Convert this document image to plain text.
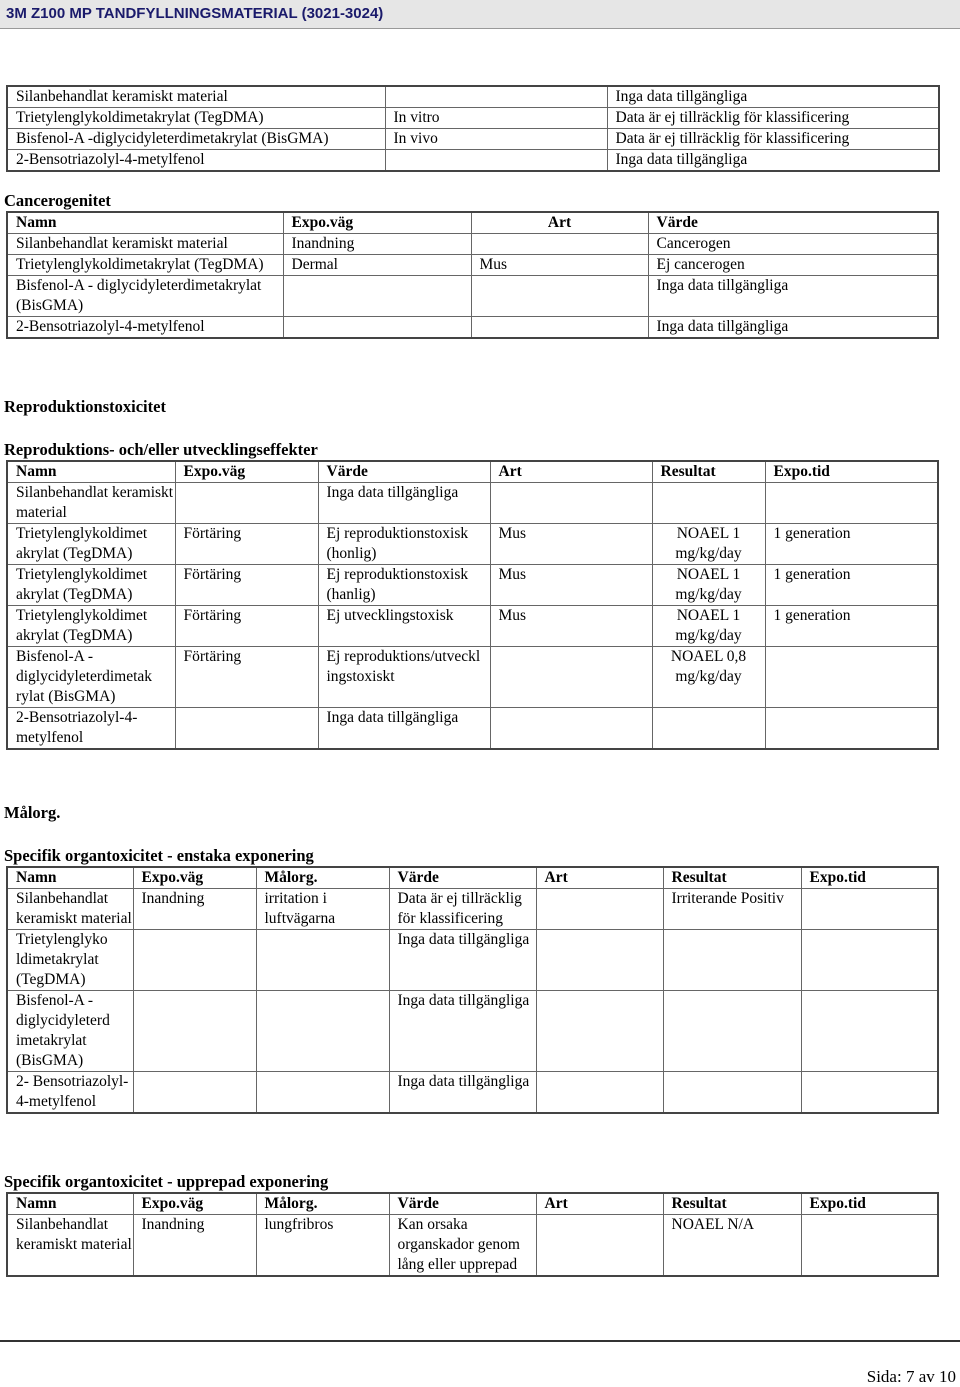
3M Z100 MP TANDFYLLNINGSMATERIAL (3021-3024)
Silanbehandlat keramiskt material		Inga data tillgängliga
Trietylenglykoldimetakrylat (TegDMA)	In vitro	Data är ej tillräcklig för klassificering
Bisfenol-A -diglycidyleterdimetakrylat (BisGMA)	In vivo	Data är ej tillräcklig för klassificering
2-Bensotriazolyl-4-metylfenol		Inga data tillgängliga
Cancerogenitet
Namn	Expo.väg	Art	Värde
Silanbehandlat keramiskt material	Inandning		Cancerogen
Trietylenglykoldimetakrylat (TegDMA)	Dermal	Mus	Ej cancerogen
Bisfenol-A - diglycidyleterdimetakrylat (BisGMA)			Inga data tillgängliga
2-Bensotriazolyl-4-metylfenol			Inga data tillgängliga
Reproduktionstoxicitet
Reproduktions- och/eller utvecklingseffekter
Namn	Expo.väg	Värde	Art	Resultat	Expo.tid
Silanbehandlat keramiskt material		Inga data tillgängliga			
Trietylenglykoldimet akrylat (TegDMA)	Förtäring	Ej reproduktionstoxisk (honlig)	Mus	NOAEL 1 mg/kg/day	1 generation
Trietylenglykoldimet akrylat (TegDMA)	Förtäring	Ej reproduktionstoxisk (hanlig)	Mus	NOAEL 1 mg/kg/day	1 generation
Trietylenglykoldimet akrylat (TegDMA)	Förtäring	Ej utvecklingstoxisk	Mus	NOAEL 1 mg/kg/day	1 generation
Bisfenol-A - diglycidyleterdimetak rylat (BisGMA)	Förtäring	Ej reproduktions/utveckl ingstoxiskt		NOAEL 0,8 mg/kg/day	
2-Bensotriazolyl-4- metylfenol		Inga data tillgängliga			
Målorg.
Specifik organtoxicitet - enstaka exponering
Namn	Expo.väg	Målorg.	Värde	Art	Resultat	Expo.tid
Silanbehandlat keramiskt material	Inandning	irritation i luftvägarna	Data är ej tillräcklig för klassificering		Irriterande Positiv	
Trietylenglyko ldimetakrylat (TegDMA)			Inga data tillgängliga			
Bisfenol-A - diglycidyleterd imetakrylat (BisGMA)			Inga data tillgängliga			
2- Bensotriazolyl- 4-metylfenol			Inga data tillgängliga			
Specifik organtoxicitet - upprepad exponering
Namn	Expo.väg	Målorg.	Värde	Art	Resultat	Expo.tid
Silanbehandlat keramiskt material	Inandning	lungfribros	Kan orsaka organskador genom lång eller upprepad		NOAEL N/A	
Sida: 7 av 10
